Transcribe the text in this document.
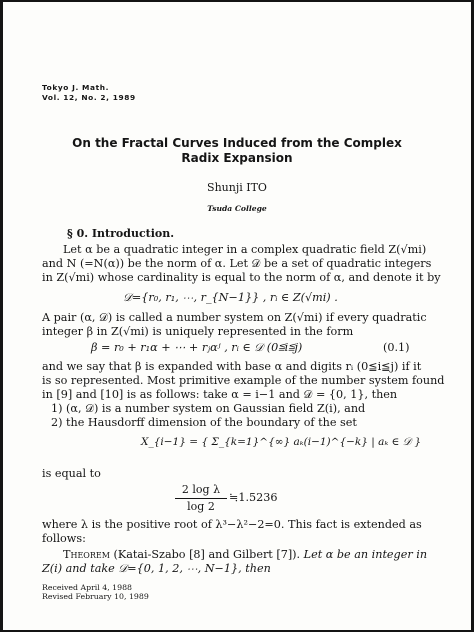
Tokyo J. Math.
Vol. 12, No. 2, 1989
On the Fractal Curves Induced from the Complex
Radix Expansion
Shunji ITO
Tsuda College
§ 0. Introduction.
Let α be a quadratic integer in a complex quadratic field Z(√mi)
and N (=N(α)) be the norm of α. Let 𝒟 be a set of quadratic integers
in Z(√mi) whose cardinality is equal to the norm of α, and denote it by
𝒟={r₀, r₁, ⋯, r_{N−1}} , rᵢ ∈ Z(√mi) .
A pair (α, 𝒟) is called a number system on Z(√mi) if every quadratic
integer β in Z(√mi) is uniquely represented in the form
β = r₀ + r₁α + ⋯ + rⱼαʲ , rᵢ ∈ 𝒟 (0≦i≦j)	(0.1)
and we say that β is expanded with base α and digits rᵢ (0≦i≦j) if it
is so represented. Most primitive example of the number system found
in [9] and [10] is as follows: take α = i−1 and 𝒟 = {0, 1}, then
1) (α, 𝒟) is a number system on Gaussian field Z(i), and
2) the Hausdorff dimension of the boundary of the set
X_{i−1} = { Σ_{k=1}^{∞} aₖ(i−1)^{−k} | aₖ ∈ 𝒟 }
is equal to
2 log λ
log 2
≒1.5236
where λ is the positive root of λ³−λ²−2=0. This fact is extended as
follows:
Theorem (Katai-Szabo [8] and Gilbert [7]). Let α be an integer in
Z(i) and take 𝒟={0, 1, 2, ⋯, N−1}, then
Received April 4, 1988
Revised February 10, 1989
